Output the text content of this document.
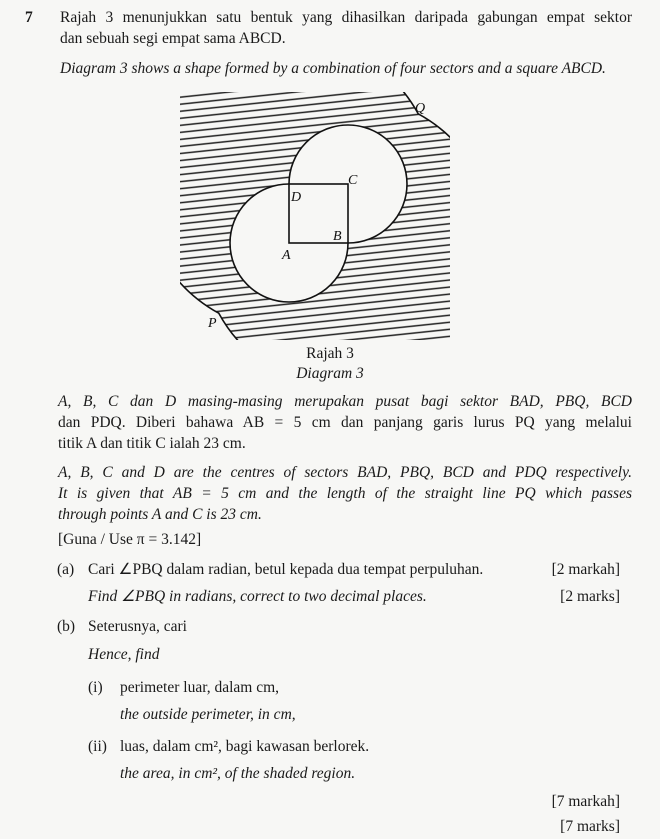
7 Rajah 3 menunjukkan satu bentuk yang dihasilkan daripada gabungan empat sektor
dan sebuah segi empat sama ABCD.
Diagram 3 shows a shape formed by a combination of four sectors and a square ABCD.
Q
C
D
B
A
P
Rajah 3
Diagram 3
A, B, C dan D masing-masing merupakan pusat bagi sektor BAD, PBQ, BCD
dan PDQ. Diberi bahawa AB = 5 cm dan panjang garis lurus PQ yang melalui
titik A dan titik C ialah 23 cm.
A, B, C and D are the centres of sectors BAD, PBQ, BCD and PDQ respectively.
It is given that AB = 5 cm and the length of the straight line PQ which passes
through points A and C is 23 cm.
[Guna / Use π = 3.142]
(a) Cari ∠PBQ dalam radian, betul kepada dua tempat perpuluhan.	[2 markah]
Find ∠PBQ in radians, correct to two decimal places.	[2 marks]
(b) Seterusnya, cari
Hence, find
(i) perimeter luar, dalam cm,
the outside perimeter, in cm,
(ii) luas, dalam cm², bagi kawasan berlorek.
the area, in cm², of the shaded region.
[7 markah]
[7 marks]
